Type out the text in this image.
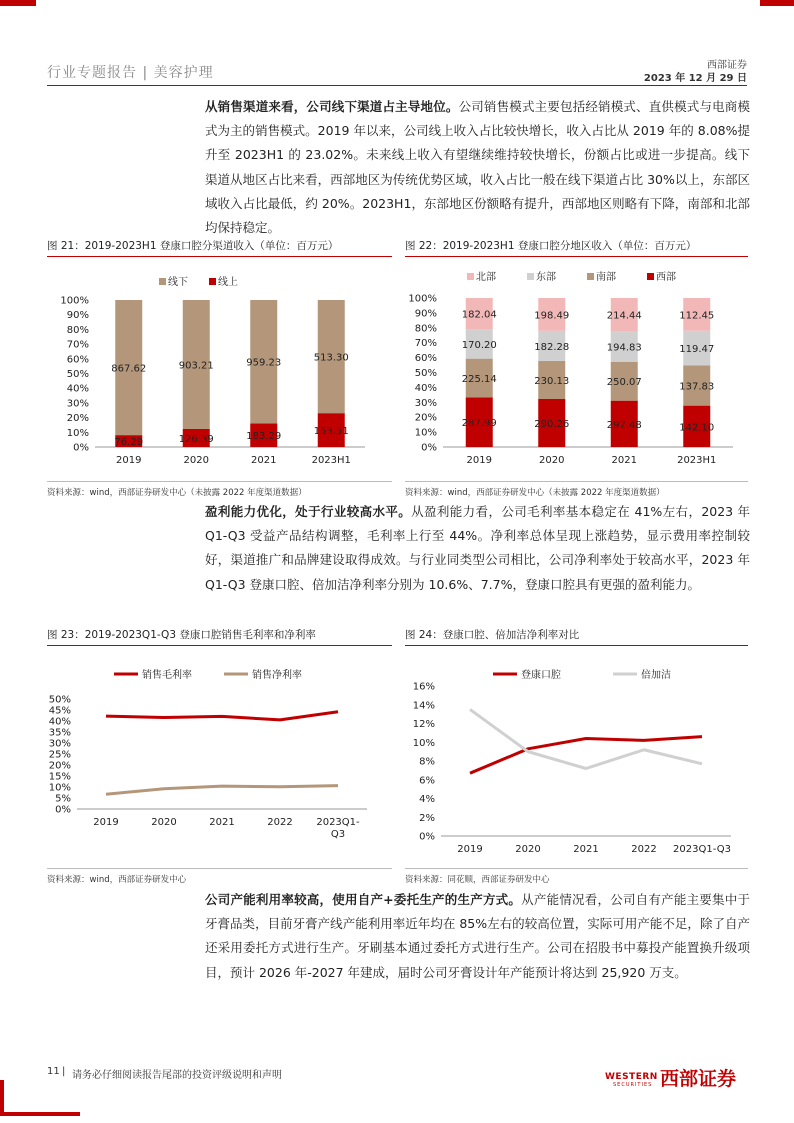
行业专题报告 | 美容护理	西部证券
2023 年 12 月 29 日
从销售渠道来看，公司线下渠道占主导地位。公司销售模式主要包括经销模式、直供模式与电商模式为主的销售模式。2019 年以来，公司线上收入占比较快增长，收入占比从 2019 年的 8.08%提升至 2023H1 的 23.02%。未来线上收入有望继续维持较快增长，份额占比或进一步提高。线下渠道从地区占比来看，西部地区为传统优势区域，收入占比一般在线下渠道占比 30%以上，东部区域收入占比最低，约 20%。2023H1，东部地区份额略有提升，西部地区则略有下降，南部和北部均保持稳定。
图 21：2019-2023H1 登康口腔分渠道收入（单位：百万元）	图 22：2019-2023H1 登康口腔分地区收入（单位：百万元）
0%
10%
20%
30%
40%
50%
60%
70%
80%
90%
100%
76.29
867.62
2019
126.39
903.21
2020
183.29
959.23
2021
153.51
513.30
2023H1
线下	线上
0%
10%
20%
30%
40%
50%
60%
70%
80%
90%
100%
287.99
225.14
170.20
182.04
2019
290.26
230.13
182.28
198.49
2020
297.48
250.07
194.83
214.44
2021
142.10
137.83
119.47
112.45
2023H1
北部	东部	南部	西部
资料来源：wind，西部证券研发中心（未披露 2022 年度渠道数据）	资料来源：wind，西部证券研发中心（未披露 2022 年度渠道数据）
盈利能力优化，处于行业较高水平。从盈利能力看，公司毛利率基本稳定在 41%左右，2023 年 Q1-Q3 受益产品结构调整，毛利率上行至 44%。净利率总体呈现上涨趋势，显示费用率控制较好，渠道推广和品牌建设取得成效。与行业同类型公司相比，公司净利率处于较高水平，2023 年 Q1-Q3 登康口腔、倍加洁净利率分别为 10.6%、7.7%，登康口腔具有更强的盈利能力。
图 23：2019-2023Q1-Q3 登康口腔销售毛利率和净利率	图 24：登康口腔、倍加洁净利率对比
0%
5%
10%
15%
20%
25%
30%
35%
40%
45%
50%
2019	2020	2021	2022 2023Q1-
Q3
销售毛利率	销售净利率
0%
2%
4%
6%
8%
10%
12%
14%
16%
2019	2020	2021	2022 2023Q1-Q3
登康口腔	倍加洁
资料来源：wind，西部证券研发中心	资料来源：同花顺，西部证券研发中心
公司产能利用率较高，使用自产+委托生产的生产方式。从产能情况看，公司自有产能主要集中于牙膏品类，目前牙膏产线产能利用率近年均在 85%左右的较高位置，实际可用产能不足，除了自产还采用委托方式进行生产。牙刷基本通过委托方式进行生产。公司在招股书中募投产能置换升级项目，预计 2026 年-2027 年建成，届时公司牙膏设计年产能预计将达到 25,920 万支。
11 | 请务必仔细阅读报告尾部的投资评级说明和声明	WESTERN
SECURITIES 西部证券
